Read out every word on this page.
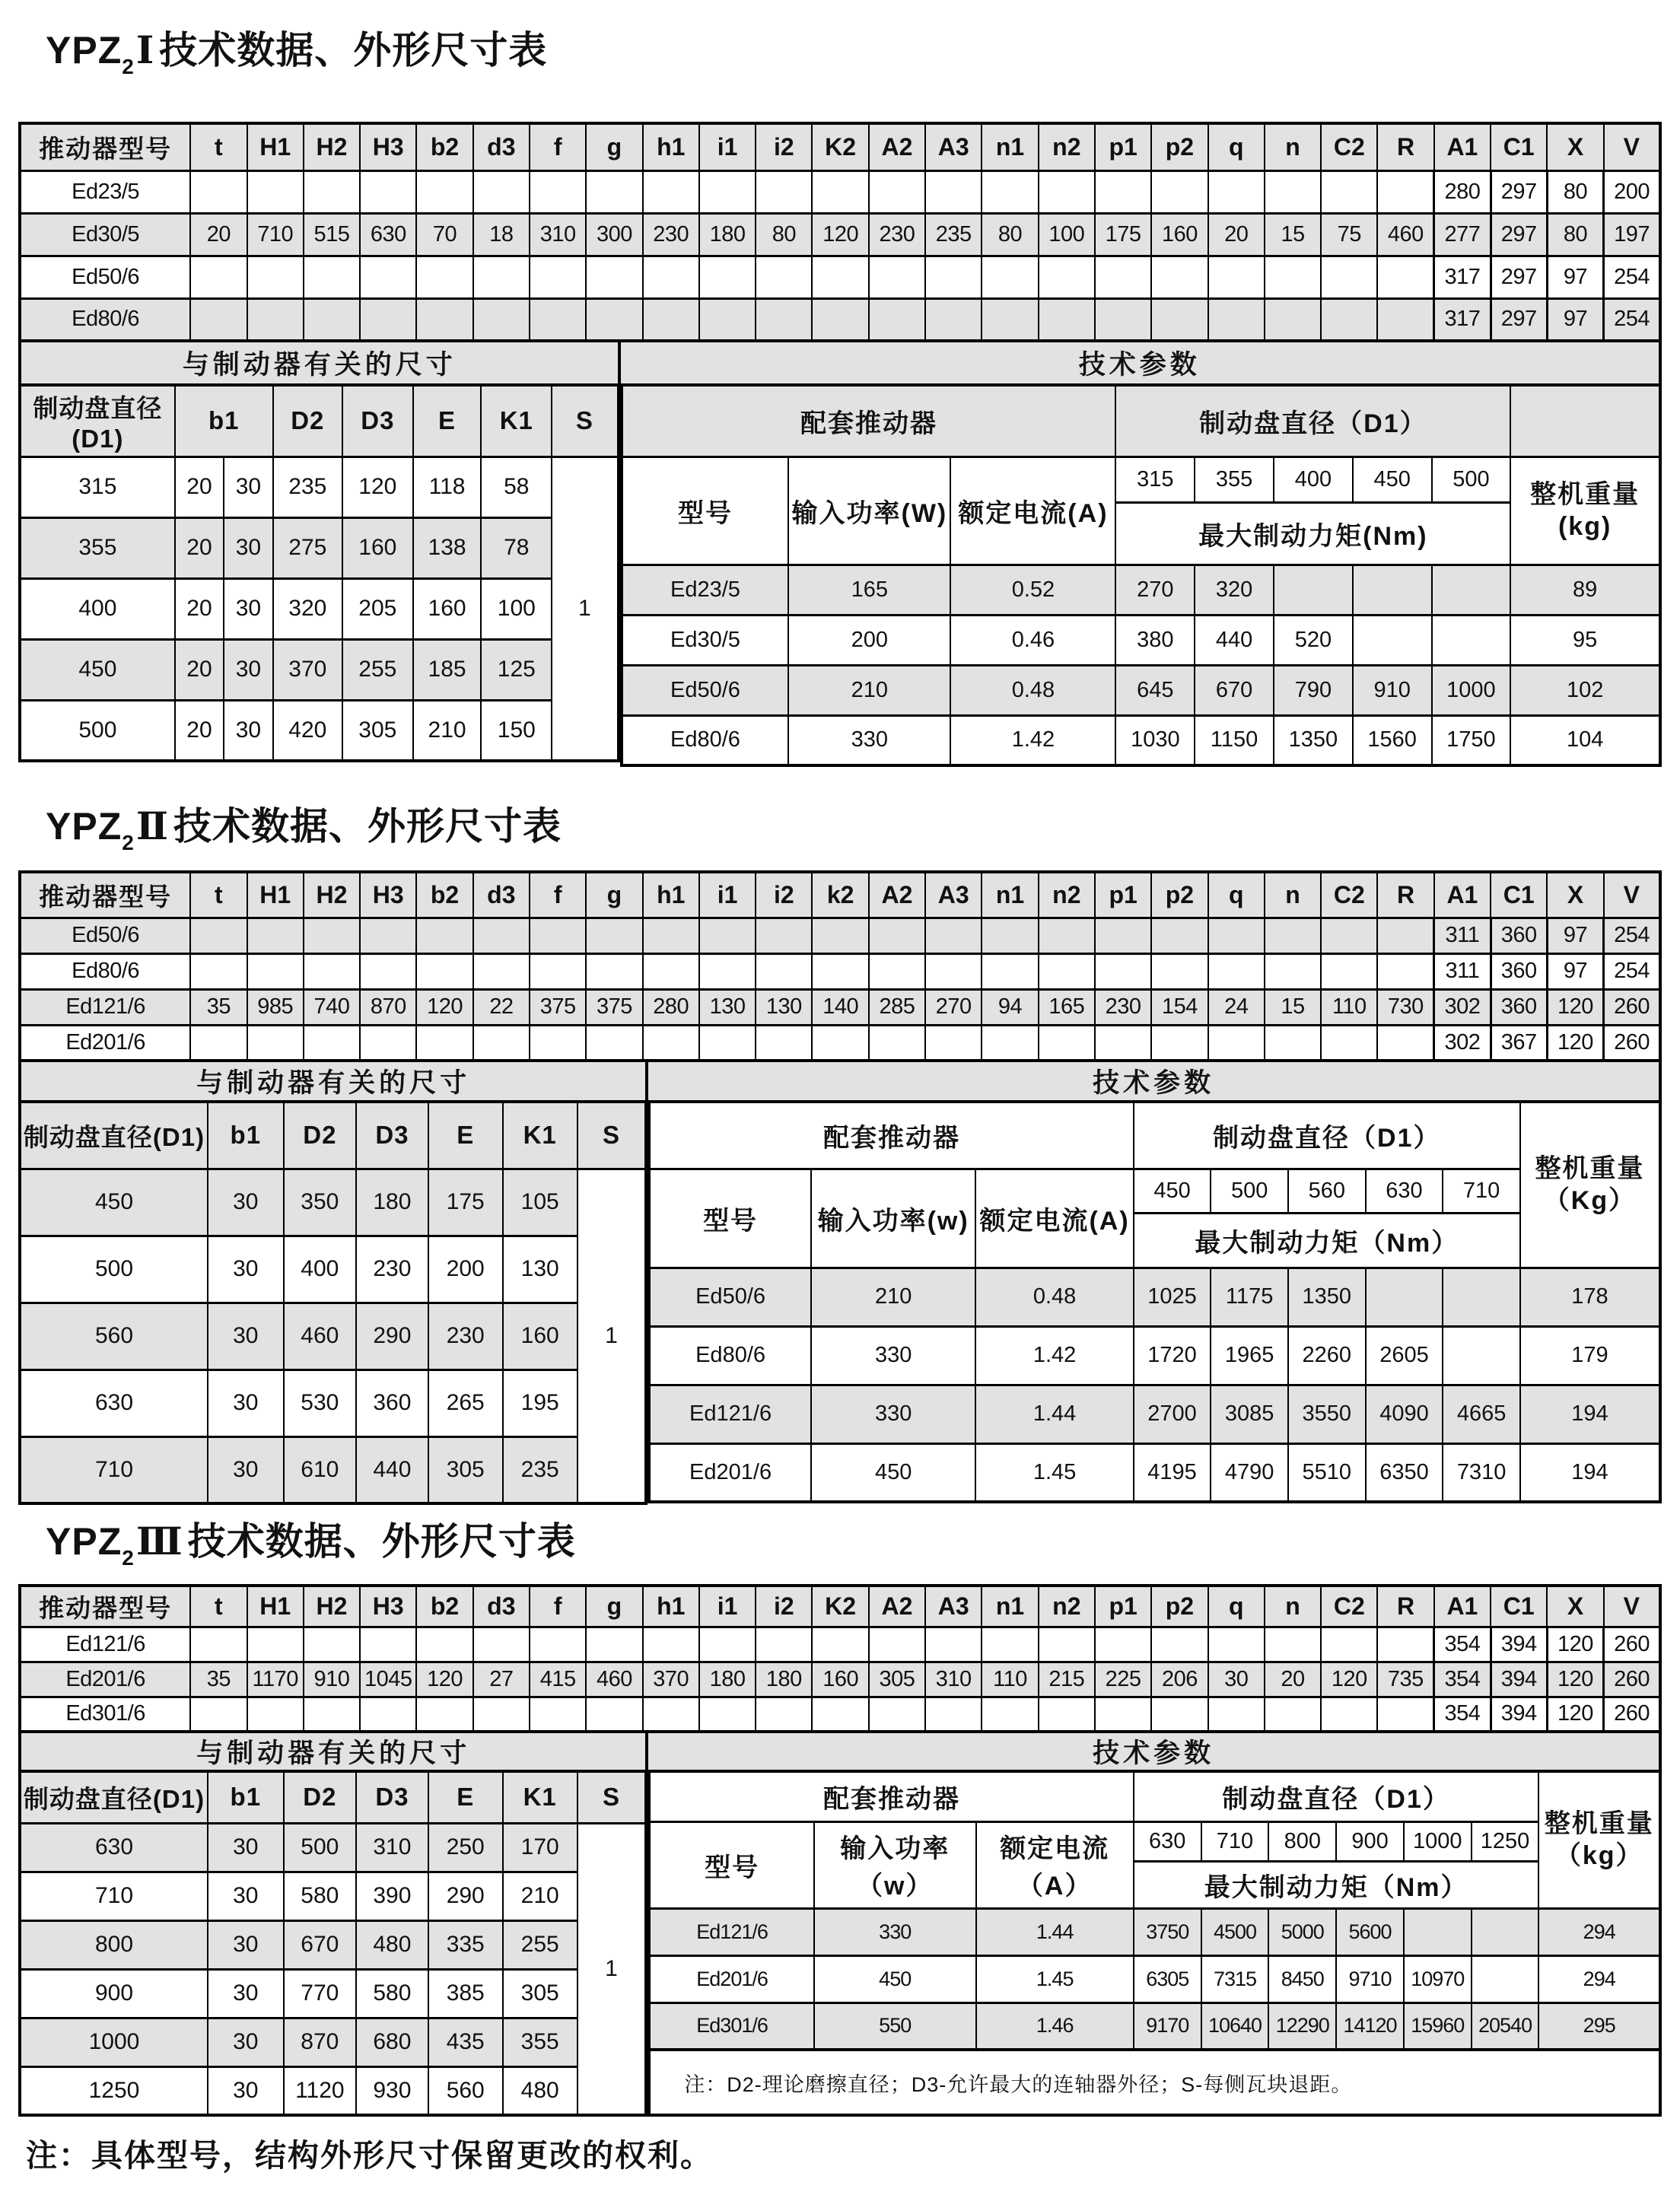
$YPZ_2Ⅰ$ 技术数据、外形尺寸表
推动器型号	t	H1	H2	H3	b2	d3	f	g	h1	i1	i2	K2	A2	A3	n1	n2	p1	p2	q	n	C2	R	A1	C1	X	V
Ed23/5																							280	297	80	200
Ed30/5	20	710	515	630	70	18	310	300	230	180	80	120	230	235	80	100	175	160	20	15	75	460	277	297	80	197
Ed50/6																							317	297	97	254
Ed80/6																							317	297	97	254
与制动器有关的尺寸	技术参数
制动盘直径(D1)	b1		D2	D3	E	K1	S
315	20	30	235	120	118	58	1
355	20	30	275	160	138	78	
400	20	30	320	205	160	100	
450	20	30	370	255	185	125	
500	20	30	420	305	210	150	
配套推动器			制动盘直径（D1）					
型号	输入功率(W)	额定电流(A)	315	355	400	450	500	整机重量(kg)

			最大制动力矩(Nm)					
Ed23/5	165	0.52	270	320				89
Ed30/5	200	0.46	380	440	520			95
Ed50/6	210	0.48	645	670	790	910	1000	102
Ed80/6	330	1.42	1030	1150	1350	1560	1750	104
$YPZ_2Ⅱ$ 技术数据、外形尺寸表
推动器型号	t	H1	H2	H3	b2	d3	f	g	h1	i1	i2	k2	A2	A3	n1	n2	p1	p2	q	n	C2	R	A1	C1	X	V
Ed50/6																							311	360	97	254
Ed80/6																							311	360	97	254
Ed121/6	35	985	740	870	120	22	375	375	280	130	130	140	285	270	94	165	230	154	24	15	110	730	302	360	120	260
Ed201/6																							302	367	120	260
与制动器有关的尺寸	技术参数
制动盘直径(D1)	b1	D2	D3	E	K1	S
450	30	350	180	175	105	1
500	30	400	230	200	130	
560	30	460	290	230	160	
630	30	530	360	265	195	
710	30	610	440	305	235	
配套推动器			制动盘直径（D1）					整机重量
（Kg）

型号	输入功率(w)	额定电流(A)	450	500	560	630	710	
			最大制动力矩（Nm）					
Ed50/6	210	0.48	1025	1175	1350			178
Ed80/6	330	1.42	1720	1965	2260	2605		179
Ed121/6	330	1.44	2700	3085	3550	4090	4665	194
Ed201/6	450	1.45	4195	4790	5510	6350	7310	194
$YPZ_2Ⅲ$ 技术数据、外形尺寸表
推动器型号	t	H1	H2	H3	b2	d3	f	g	h1	i1	i2	K2	A2	A3	n1	n2	p1	p2	q	n	C2	R	A1	C1	X	V
Ed121/6																							354	394	120	260
Ed201/6	35	1170	910	1045	120	27	415	460	370	180	180	160	305	310	110	215	225	206	30	20	120	735	354	394	120	260
Ed301/6																							354	394	120	260
与制动器有关的尺寸	技术参数
制动盘直径(D1)	b1	D2	D3	E	K1	S
630	30	500	310	250	170	1
710	30	580	390	290	210	
800	30	670	480	335	255	
900	30	770	580	385	305	
1000	30	870	680	435	355	
1250	30	1120	930	560	480	
配套推动器			制动盘直径（D1）						整机重量
（kg）

型号	输入功率（w）	额定电流（A）	630	710	800	900	1000	1250	
			最大制动力矩（Nm）						
Ed121/6	330	1.44	3750	4500	5000	5600			294
Ed201/6	450	1.45	6305	7315	8450	9710	10970		294
Ed301/6	550	1.46	9170	10640	12290	14120	15960	20540	295
注：D2-理论磨擦直径；D3-允许最大的连轴器外径；S-每侧瓦块退距。
注：具体型号，结构外形尺寸保留更改的权利。
